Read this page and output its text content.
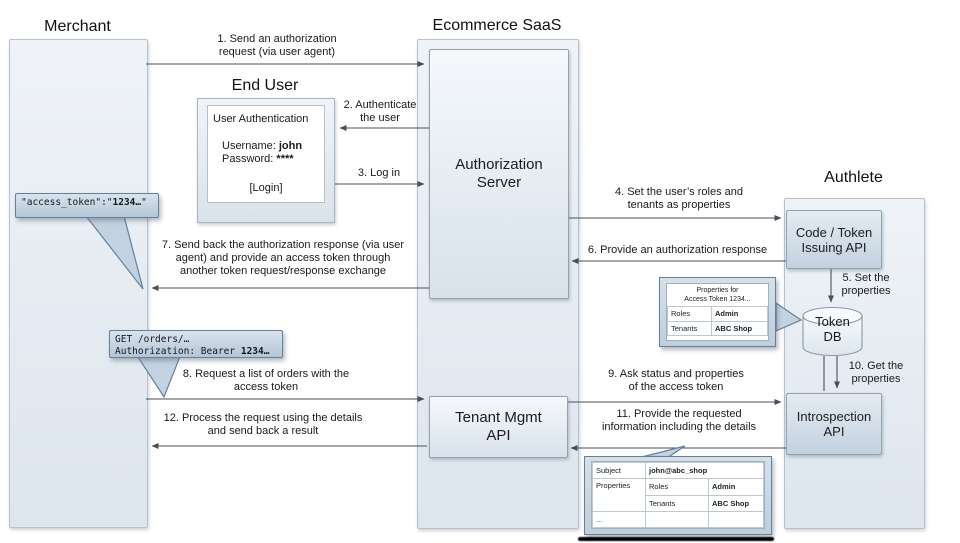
Merchant	Ecommerce SaaS
End User
Authlete
Authorization
Server
Tenant Mgmt
API
Code / Token
Issuing API
Introspection
API
Token
DB
User Authentication
Username: john
Password: ****
[Login]
1. Send an authorization
request (via user agent)
2. Authenticate
the user
3. Log in
4. Set the user’s roles and
tenants as properties
5. Set the
properties
6. Provide an authorization response
7. Send back the authorization response (via user
agent) and provide an access token through
another token request/response exchange
8. Request a list of orders with the
access token
9. Ask status and properties
of the access token
10. Get the
properties
11. Provide the requested
information including the details
12. Process the request using the details
and send back a result
"access_token":"1234…"
GET /orders/…
Authorization: Bearer 1234…
Properties for
Access Token 1234...
Roles	Admin
Tenants	ABC Shop
Subject	john@abc_shop	
Properties	Roles	Admin
	Tenants	ABC Shop
...		
